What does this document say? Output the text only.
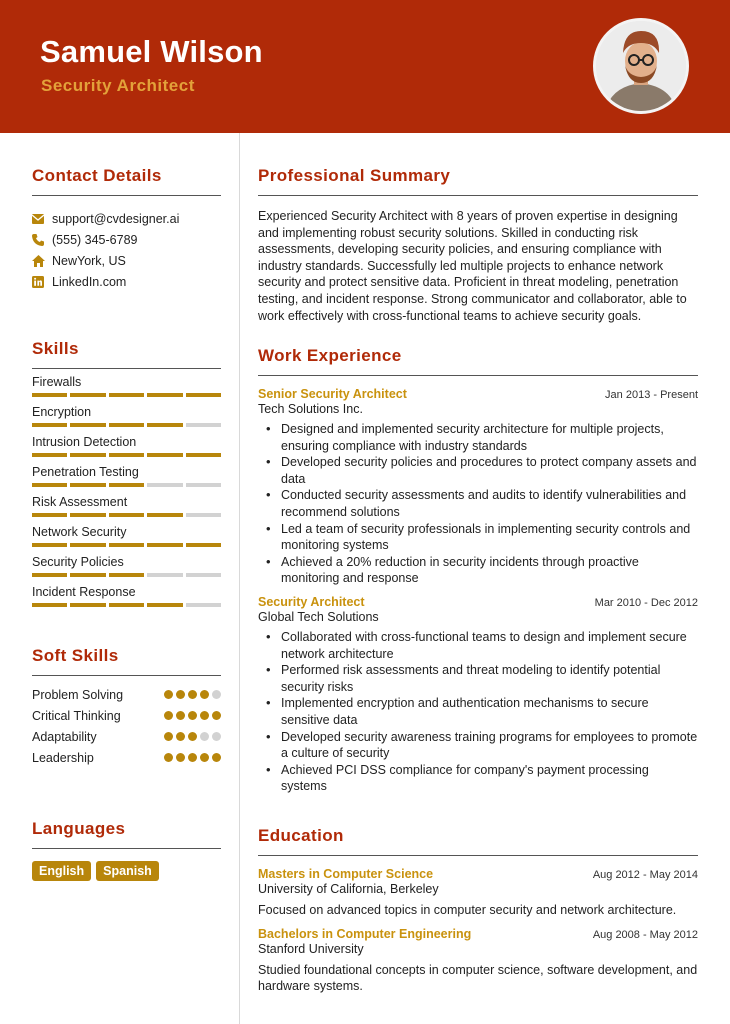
Samuel Wilson
Security Architect
Contact Details
support@cvdesigner.ai
(555) 345-6789
NewYork, US
LinkedIn.com
Skills
Firewalls
Encryption
Intrusion Detection
Penetration Testing
Risk Assessment
Network Security
Security Policies
Incident Response
Soft Skills
Problem Solving
Critical Thinking
Adaptability
Leadership
Languages
English	Spanish
Professional Summary
Experienced Security Architect with 8 years of proven expertise in designing and implementing robust security solutions. Skilled in conducting risk assessments, developing security policies, and ensuring compliance with industry standards. Successfully led multiple projects to enhance network security and protect sensitive data. Proficient in threat modeling, penetration testing, and incident response. Strong communicator and collaborator, able to work effectively with cross-functional teams to achieve security goals.
Work Experience
Senior Security Architect	Jan 2013 - Present
Tech Solutions Inc.
• Designed and implemented security architecture for multiple projects, ensuring compliance with industry standards
• Developed security policies and procedures to protect company assets and data
• Conducted security assessments and audits to identify vulnerabilities and recommend solutions
• Led a team of security professionals in implementing security controls and monitoring systems
• Achieved a 20% reduction in security incidents through proactive monitoring and response
Security Architect	Mar 2010 - Dec 2012
Global Tech Solutions
• Collaborated with cross-functional teams to design and implement secure network architecture
• Performed risk assessments and threat modeling to identify potential security risks
• Implemented encryption and authentication mechanisms to secure sensitive data
• Developed security awareness training programs for employees to promote a culture of security
• Achieved PCI DSS compliance for company's payment processing systems
Education
Masters in Computer Science	Aug 2012 - May 2014
University of California, Berkeley
Focused on advanced topics in computer security and network architecture.
Bachelors in Computer Engineering	Aug 2008 - May 2012
Stanford University
Studied foundational concepts in computer science, software development, and hardware systems.
